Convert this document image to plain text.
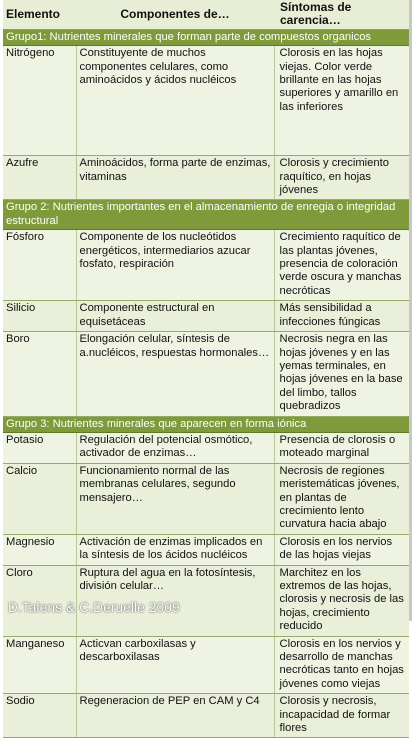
Elemento	Componentes de…	Síntomas de carencia…
Grupo1: Nutrientes minerales que forman parte de compuestos organicos		
Nitrógeno	Constituyente de muchos componentes celulares, como aminoácidos y ácidos nucléicos	Clorosis en las hojas viejas. Color verde brillante en las hojas superiores y amarillo en las inferiores
Azufre	Aminoácidos, forma parte de enzimas, vitaminas	Clorosis y crecimiento raquítico, en hojas jóvenes
Grupo 2: Nutrientes importantes en el almacenamiento de enregia o integridad estructural		
Fósforo	Componente de los nucleótidos energéticos, intermediarios azucar fosfato, respiración	Crecimiento raquítico de las plantas jóvenes, presencia de coloración verde oscura y manchas necróticas
Silicio	Componente estructural en equisetáceas	Más sensibilidad a infecciones fúngicas
Boro	Elongación celular, síntesis de a.nucléicos, respuestas hormonales…	Necrosis negra en las hojas jóvenes y en las yemas terminales, en hojas jóvenes en la base del limbo, tallos quebradizos
Grupo 3: Nutrientes minerales que aparecen en forma iónica		
Potasio	Regulación del potencial osmótico, activador de enzimas…	Presencia de clorosis o moteado marginal
Calcio	Funcionamiento normal de las membranas celulares, segundo mensajero…	Necrosis de regiones meristemáticas jóvenes, en plantas de crecimiento lento curvatura hacia abajo
Magnesio	Activación de enzimas implicados en la síntesis de los ácidos nucléicos	Clorosis en los nervios de las hojas viejas
Cloro	Ruptura del agua en la fotosíntesis, división celular…	Marchitez en los extremos de las hojas, clorosis y necrosis de las hojas, crecimiento reducido
Manganeso	Acticvan carboxilasas y descarboxilasas	Clorosis en los nervios y desarrollo de manchas necróticas tanto en hojas jóvenes como viejas
Sodio	Regeneracion de PEP en CAM y C4	Clorosis y necrosis, incapacidad de formar flores
D.Talens & C.Deruelle 2009
